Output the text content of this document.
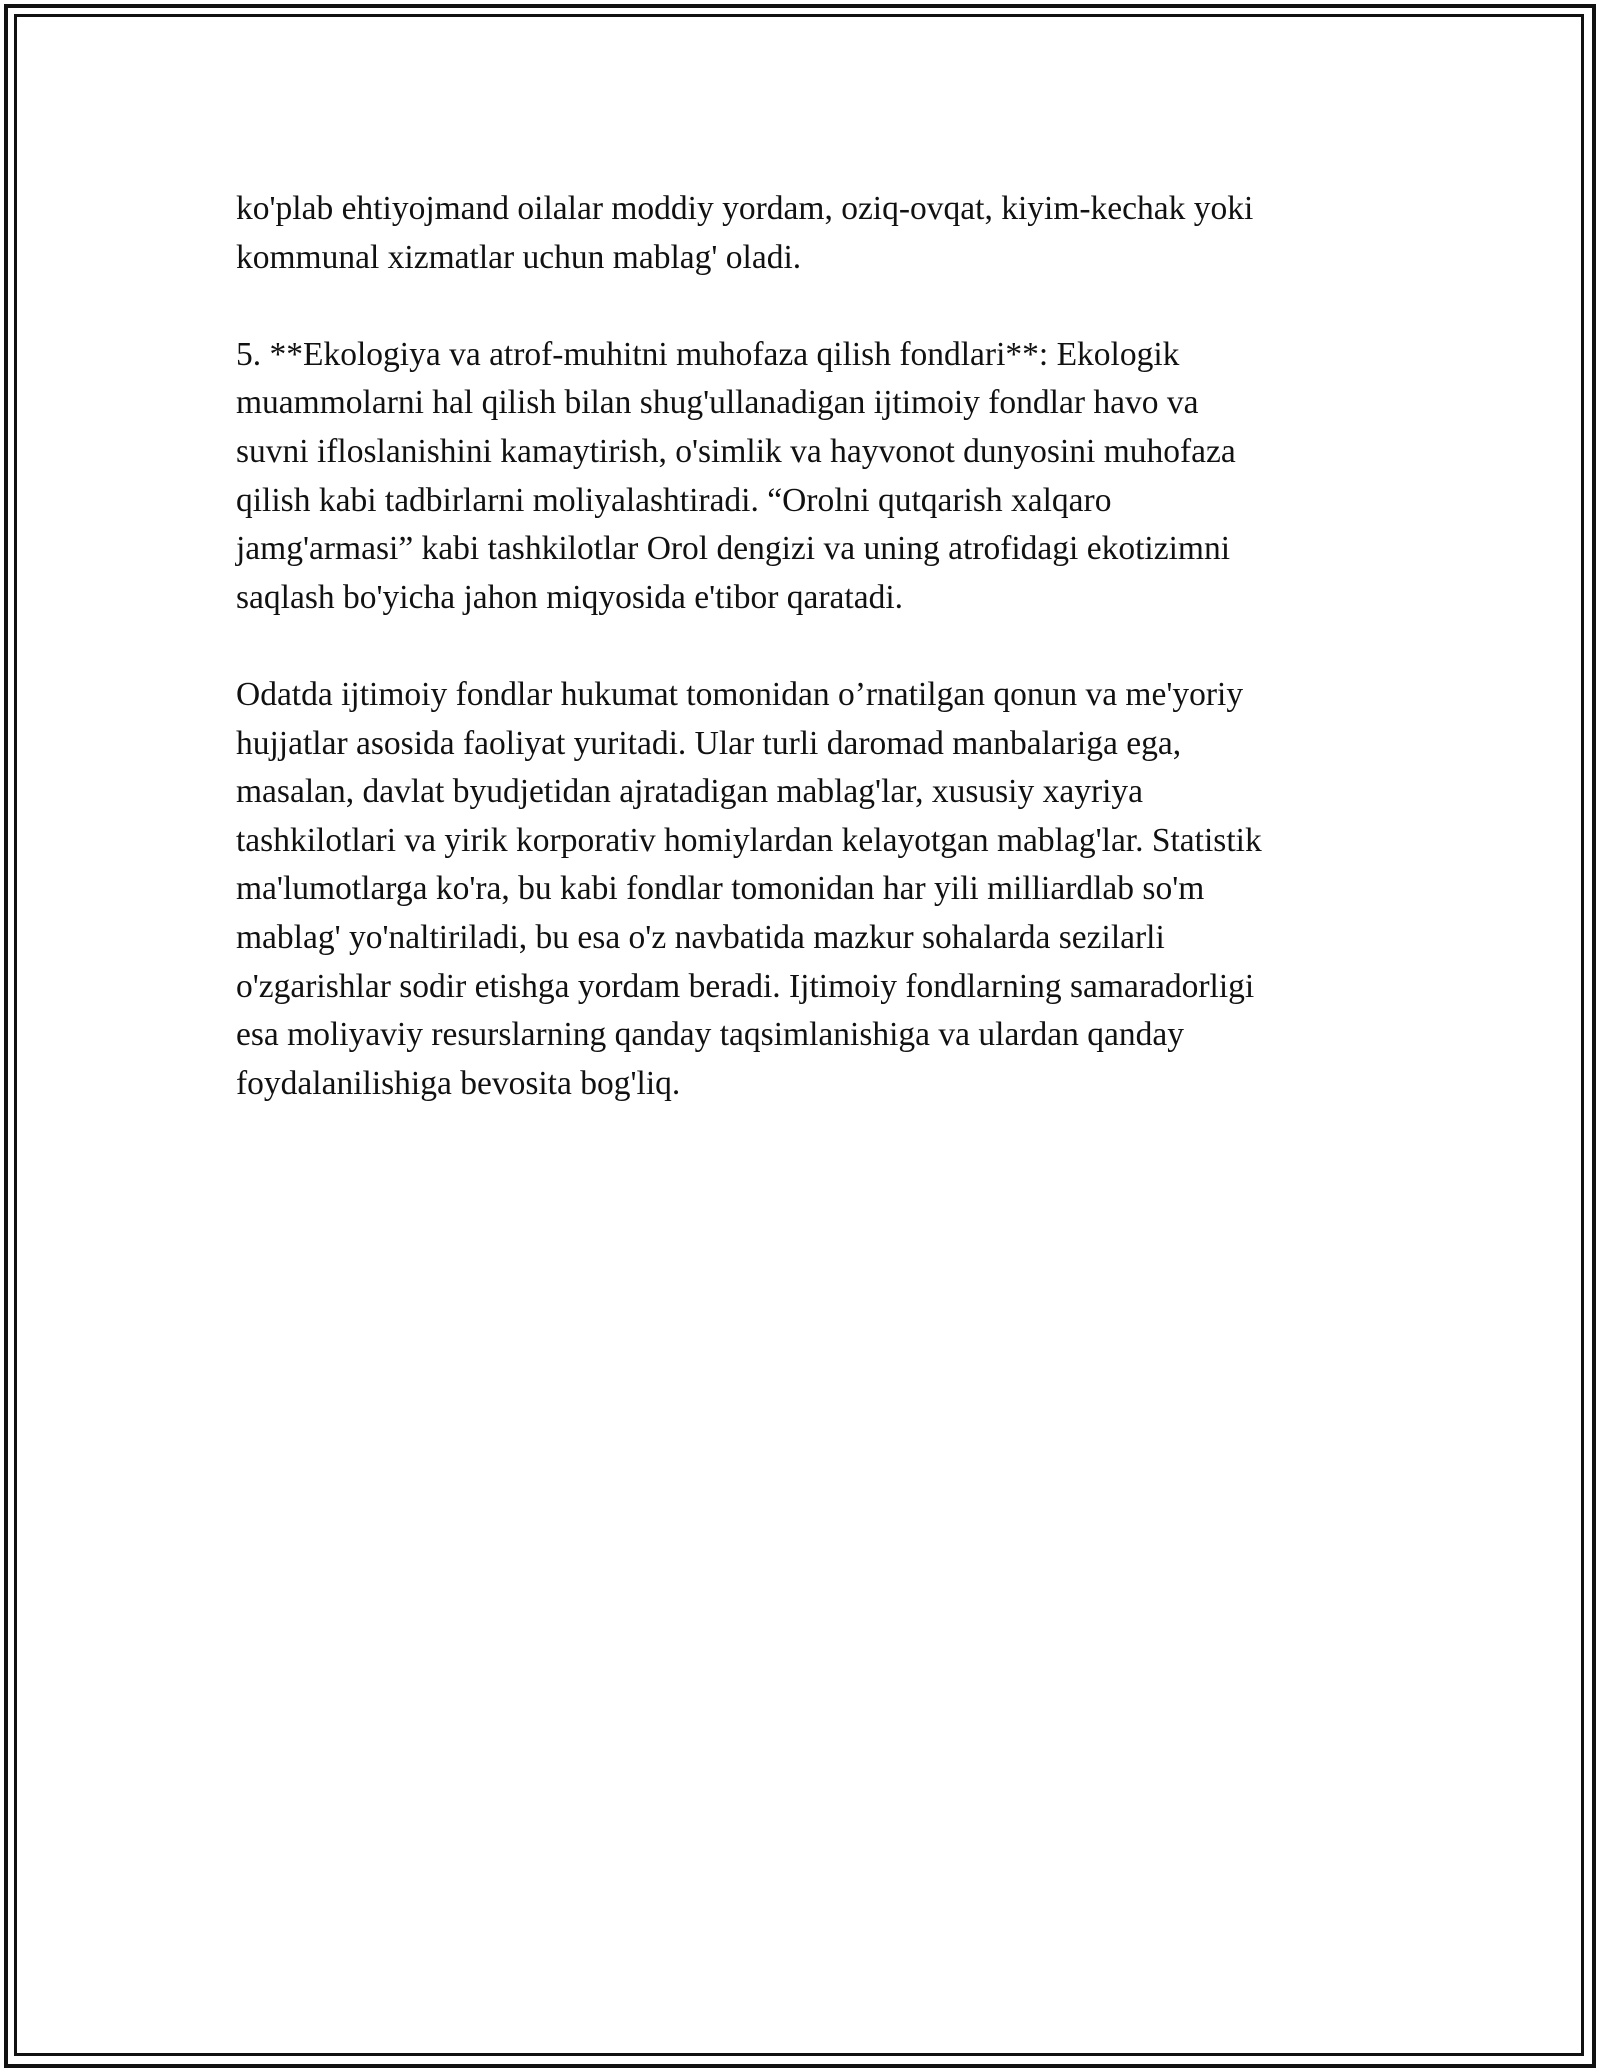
ko'plab ehtiyojmand oilalar moddiy yordam, oziq-ovqat, kiyim-kechak yoki
kommunal xizmatlar uchun mablag' oladi.

5. **Ekologiya va atrof-muhitni muhofaza qilish fondlari**: Ekologik
muammolarni hal qilish bilan shug'ullanadigan ijtimoiy fondlar havo va
suvni ifloslanishini kamaytirish, o'simlik va hayvonot dunyosini muhofaza
qilish kabi tadbirlarni moliyalashtiradi. “Orolni qutqarish xalqaro
jamg'armasi” kabi tashkilotlar Orol dengizi va uning atrofidagi ekotizimni
saqlash bo'yicha jahon miqyosida e'tibor qaratadi.

Odatda ijtimoiy fondlar hukumat tomonidan o’rnatilgan qonun va me'yoriy
hujjatlar asosida faoliyat yuritadi. Ular turli daromad manbalariga ega,
masalan, davlat byudjetidan ajratadigan mablag'lar, xususiy xayriya
tashkilotlari va yirik korporativ homiylardan kelayotgan mablag'lar. Statistik
ma'lumotlarga ko'ra, bu kabi fondlar tomonidan har yili milliardlab so'm
mablag' yo'naltiriladi, bu esa o'z navbatida mazkur sohalarda sezilarli
o'zgarishlar sodir etishga yordam beradi. Ijtimoiy fondlarning samaradorligi
esa moliyaviy resurslarning qanday taqsimlanishiga va ulardan qanday
foydalanilishiga bevosita bog'liq.
